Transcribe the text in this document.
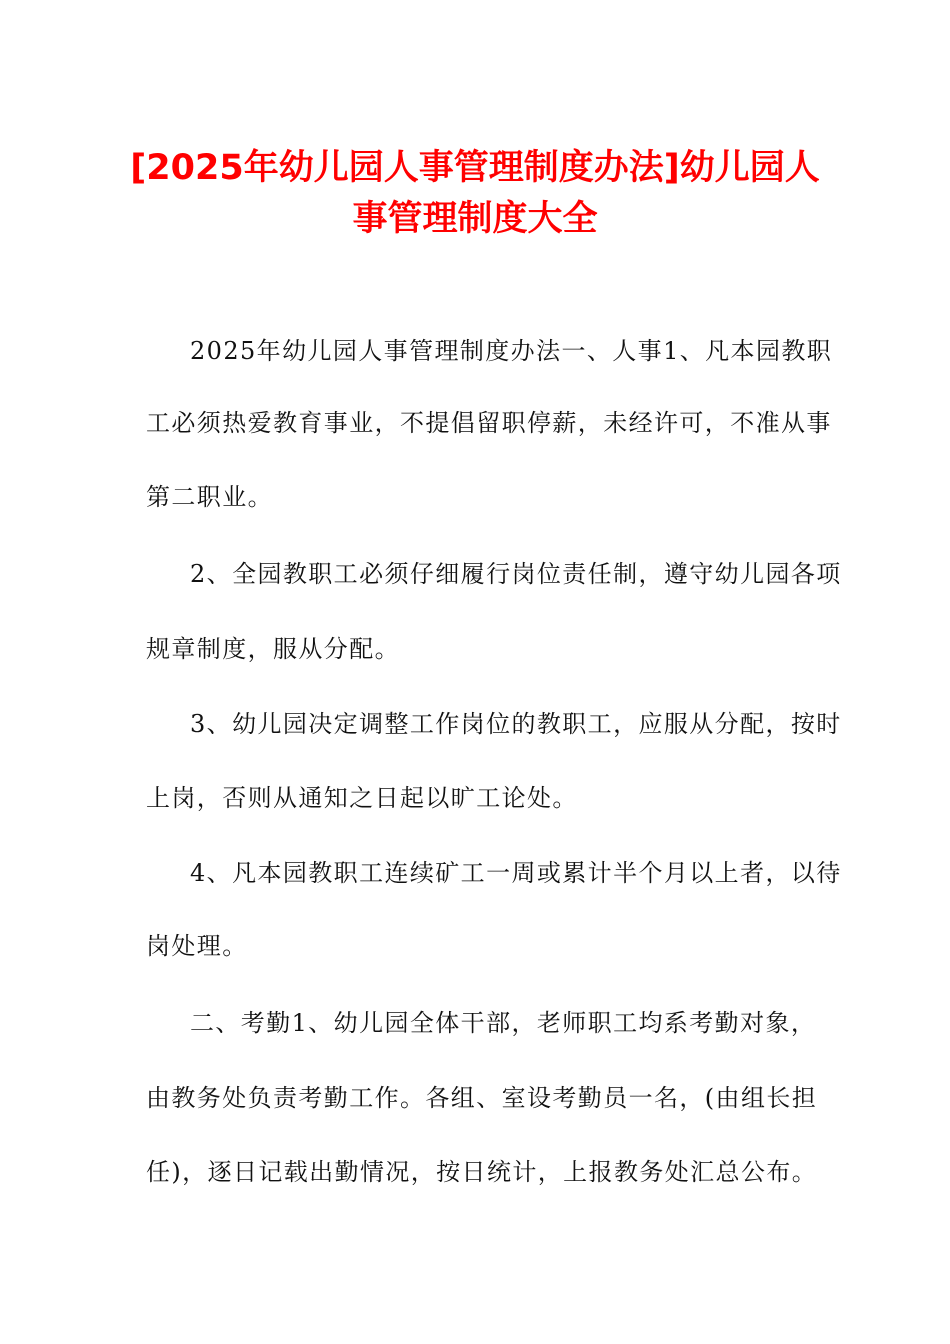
[2025年幼儿园人事管理制度办法]幼儿园人
事管理制度大全

2025年幼儿园人事管理制度办法一、人事1、凡本园教职

工必须热爱教育事业，不提倡留职停薪，未经许可，不准从事

第二职业。

2、全园教职工必须仔细履行岗位责任制，遵守幼儿园各项

规章制度，服从分配。

3、幼儿园决定调整工作岗位的教职工，应服从分配，按时

上岗，否则从通知之日起以旷工论处。

4、凡本园教职工连续矿工一周或累计半个月以上者，以待

岗处理。

二、考勤1、幼儿园全体干部，老师职工均系考勤对象，

由教务处负责考勤工作。各组、室设考勤员一名，(由组长担

任)，逐日记载出勤情况，按日统计，上报教务处汇总公布。
